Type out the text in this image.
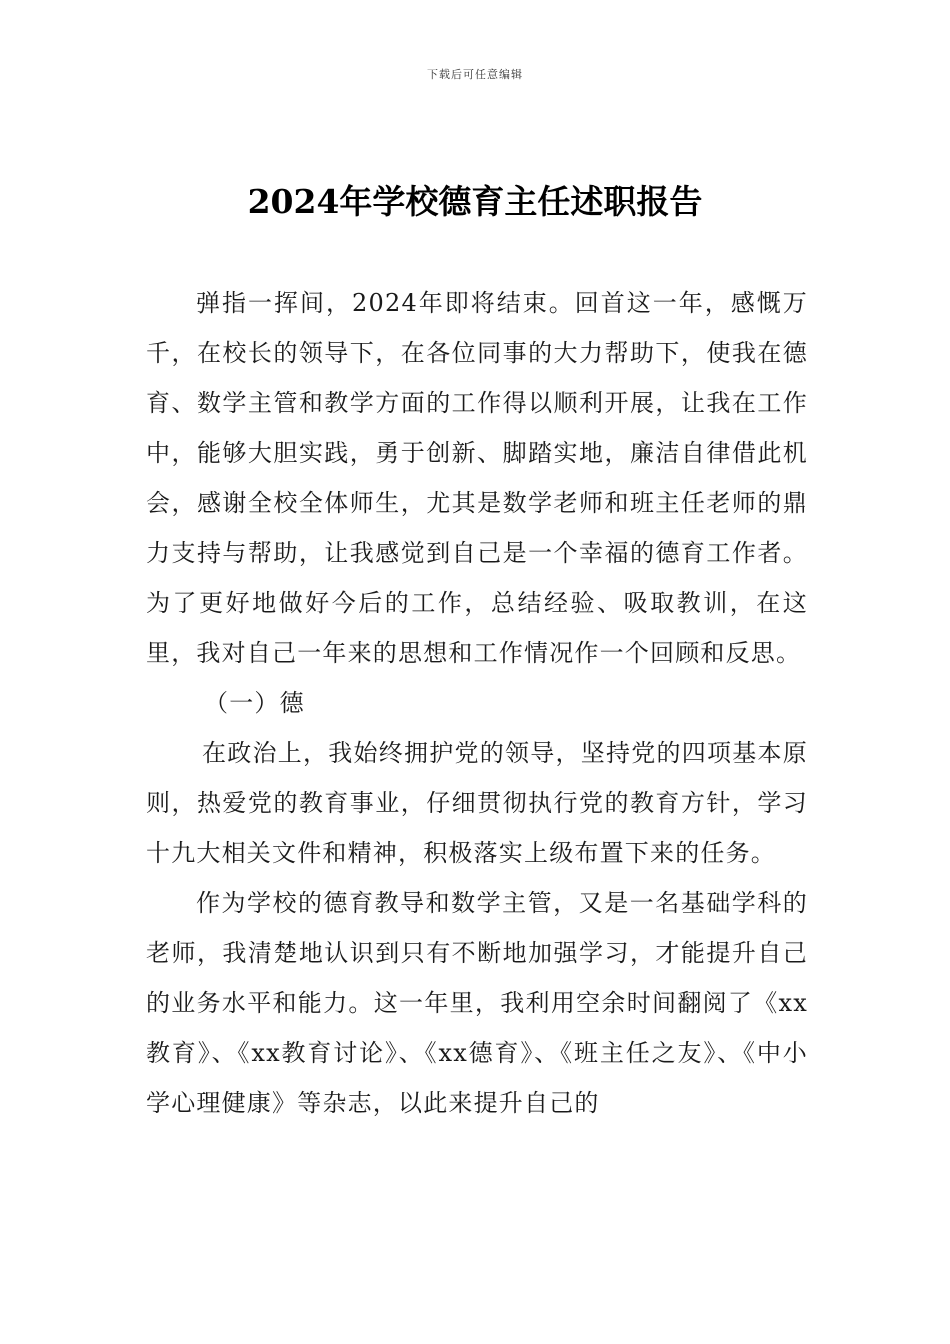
下载后可任意编辑
2024年学校德育主任述职报告

弹指一挥间，2024年即将结束。回首这一年，感慨万千，在校长的领导下，在各位同事的大力帮助下，使我在德育、数学主管和教学方面的工作得以顺利开展，让我在工作中，能够大胆实践，勇于创新、脚踏实地，廉洁自律借此机会，感谢全校全体师生，尤其是数学老师和班主任老师的鼎力支持与帮助，让我感觉到自己是一个幸福的德育工作者。为了更好地做好今后的工作，总结经验、吸取教训，在这里，我对自己一年来的思想和工作情况作一个回顾和反思。

（一）德

在政治上，我始终拥护党的领导，坚持党的四项基本原则，热爱党的教育事业，仔细贯彻执行党的教育方针，学习十九大相关文件和精神，积极落实上级布置下来的任务。

作为学校的德育教导和数学主管，又是一名基础学科的老师，我清楚地认识到只有不断地加强学习，才能提升自己的业务水平和能力。这一年里，我利用空余时间翻阅了《xx教育》、《xx教育讨论》、《xx德育》、《班主任之友》、《中小学心理健康》等杂志，以此来提升自己的
